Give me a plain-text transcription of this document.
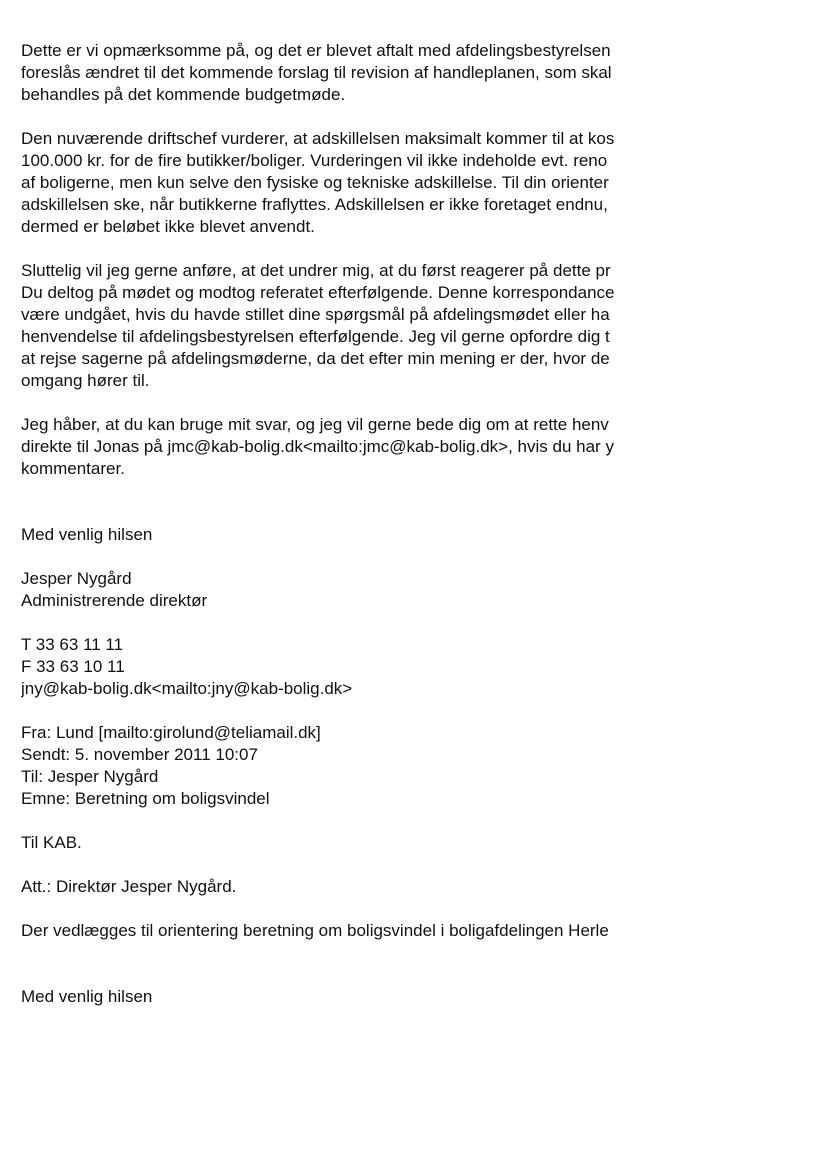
Dette er vi opmærksomme på, og det er blevet aftalt med afdelingsbestyrelsen
foreslås ændret til det kommende forslag til revision af handleplanen, som skal
behandles på det kommende budgetmøde.
Den nuværende driftschef vurderer, at adskillelsen maksimalt kommer til at kos
100.000 kr. for de fire butikker/boliger. Vurderingen vil ikke indeholde evt. reno
af boligerne, men kun selve den fysiske og tekniske adskillelse. Til din orienter
adskillelsen ske, når butikkerne fraflyttes. Adskillelsen er ikke foretaget endnu,
dermed er beløbet ikke blevet anvendt.
Sluttelig vil jeg gerne anføre, at det undrer mig, at du først reagerer på dette pr
Du deltog på mødet og modtog referatet efterfølgende. Denne korrespondance
være undgået, hvis du havde stillet dine spørgsmål på afdelingsmødet eller ha
henvendelse til afdelingsbestyrelsen efterfølgende. Jeg vil gerne opfordre dig t
at rejse sagerne på afdelingsmøderne, da det efter min mening er der, hvor de
omgang hører til.
Jeg håber, at du kan bruge mit svar, og jeg vil gerne bede dig om at rette henv
direkte til Jonas på jmc@kab-bolig.dk<mailto:jmc@kab-bolig.dk>, hvis du har y
kommentarer.
Med venlig hilsen
Jesper Nygård
Administrerende direktør
T 33 63 11 11
F 33 63 10 11
jny@kab-bolig.dk<mailto:jny@kab-bolig.dk>
Fra: Lund [mailto:girolund@teliamail.dk]
Sendt: 5. november 2011 10:07
Til: Jesper Nygård
Emne: Beretning om boligsvindel
Til KAB.
Att.: Direktør Jesper Nygård.
Der vedlægges til orientering beretning om boligsvindel i boligafdelingen Herle
Med venlig hilsen
